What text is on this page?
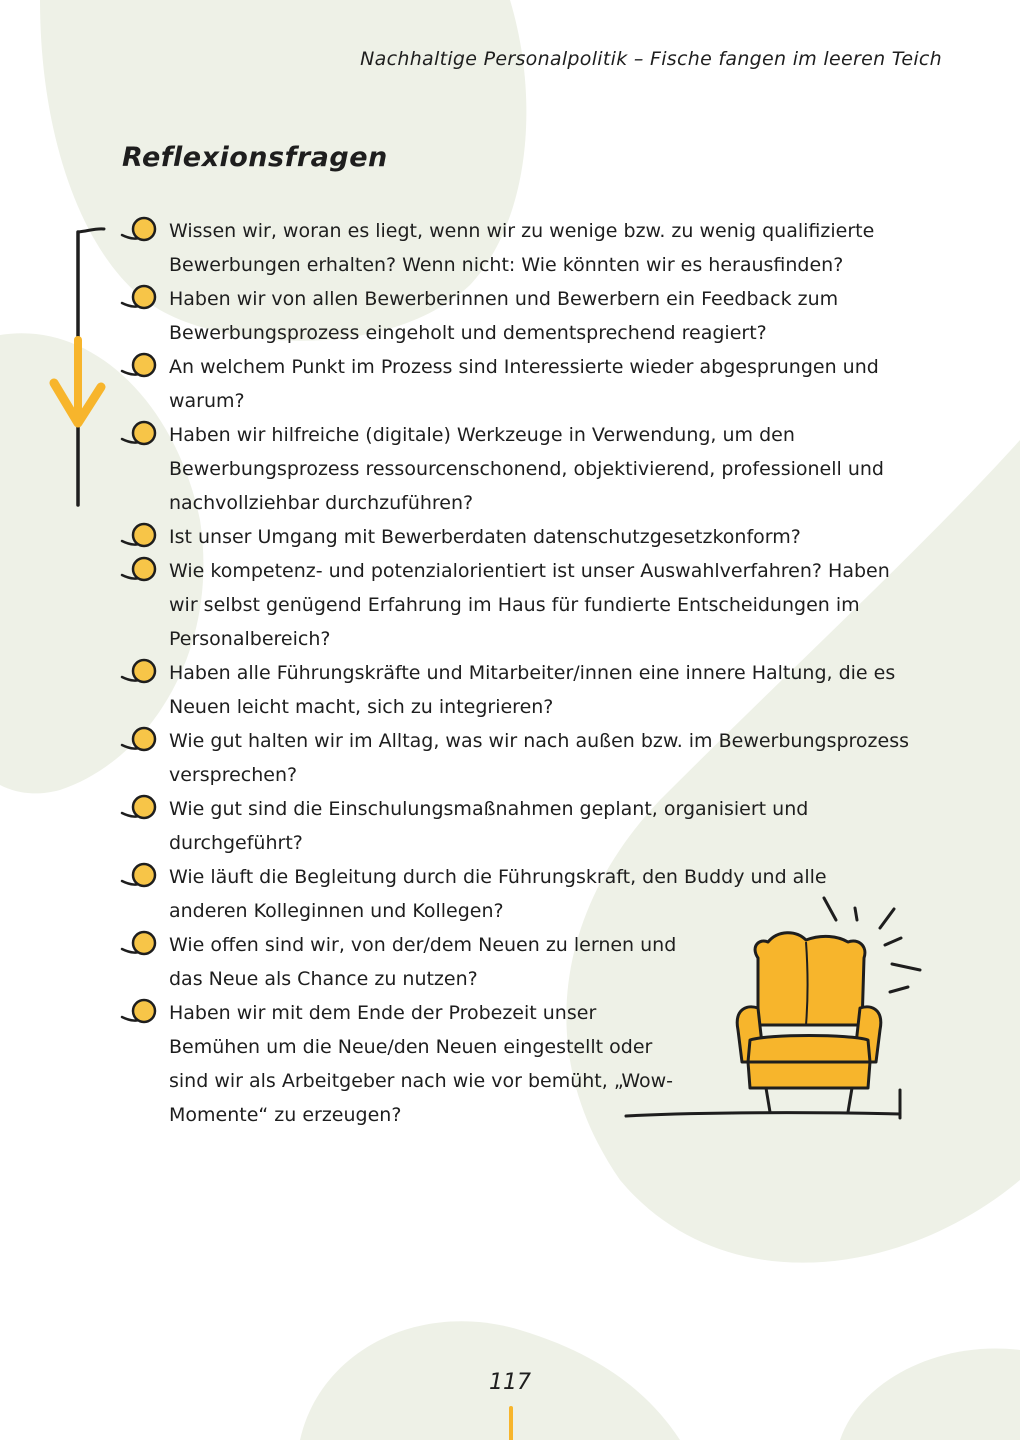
Nachhaltige Personalpolitik – Fische fangen im leeren Teich
Reflexionsfragen
Wissen wir, woran es liegt, wenn wir zu wenige bzw. zu wenig qualifizierte Bewerbungen erhalten? Wenn nicht: Wie könnten wir es herausfinden?
Haben wir von allen Bewerberinnen und Bewerbern ein Feedback zum Bewerbungsprozess eingeholt und dementsprechend reagiert?
An welchem Punkt im Prozess sind Interessierte wieder abgesprungen und warum?
Haben wir hilfreiche (digitale) Werkzeuge in Verwendung, um den Bewerbungsprozess ressourcenschonend, objektivierend, professionell und nachvollziehbar durchzuführen?
Ist unser Umgang mit Bewerberdaten datenschutzgesetzkonform?
Wie kompetenz- und potenzialorientiert ist unser Auswahlverfahren? Haben wir selbst genügend Erfahrung im Haus für fundierte Entscheidungen im Personalbereich?
Haben alle Führungskräfte und Mitarbeiter/innen eine innere Haltung, die es Neuen leicht macht, sich zu integrieren?
Wie gut halten wir im Alltag, was wir nach außen bzw. im Bewerbungsprozess versprechen?
Wie gut sind die Einschulungsmaßnahmen geplant, organisiert und durchgeführt?
Wie läuft die Begleitung durch die Führungskraft, den Buddy und alle anderen Kolleginnen und Kollegen?
Wie offen sind wir, von der/dem Neuen zu lernen und das Neue als Chance zu nutzen?
Haben wir mit dem Ende der Probezeit unser Bemühen um die Neue/den Neuen eingestellt oder sind wir als Arbeitgeber nach wie vor bemüht, „Wow-Momente“ zu erzeugen?
117
